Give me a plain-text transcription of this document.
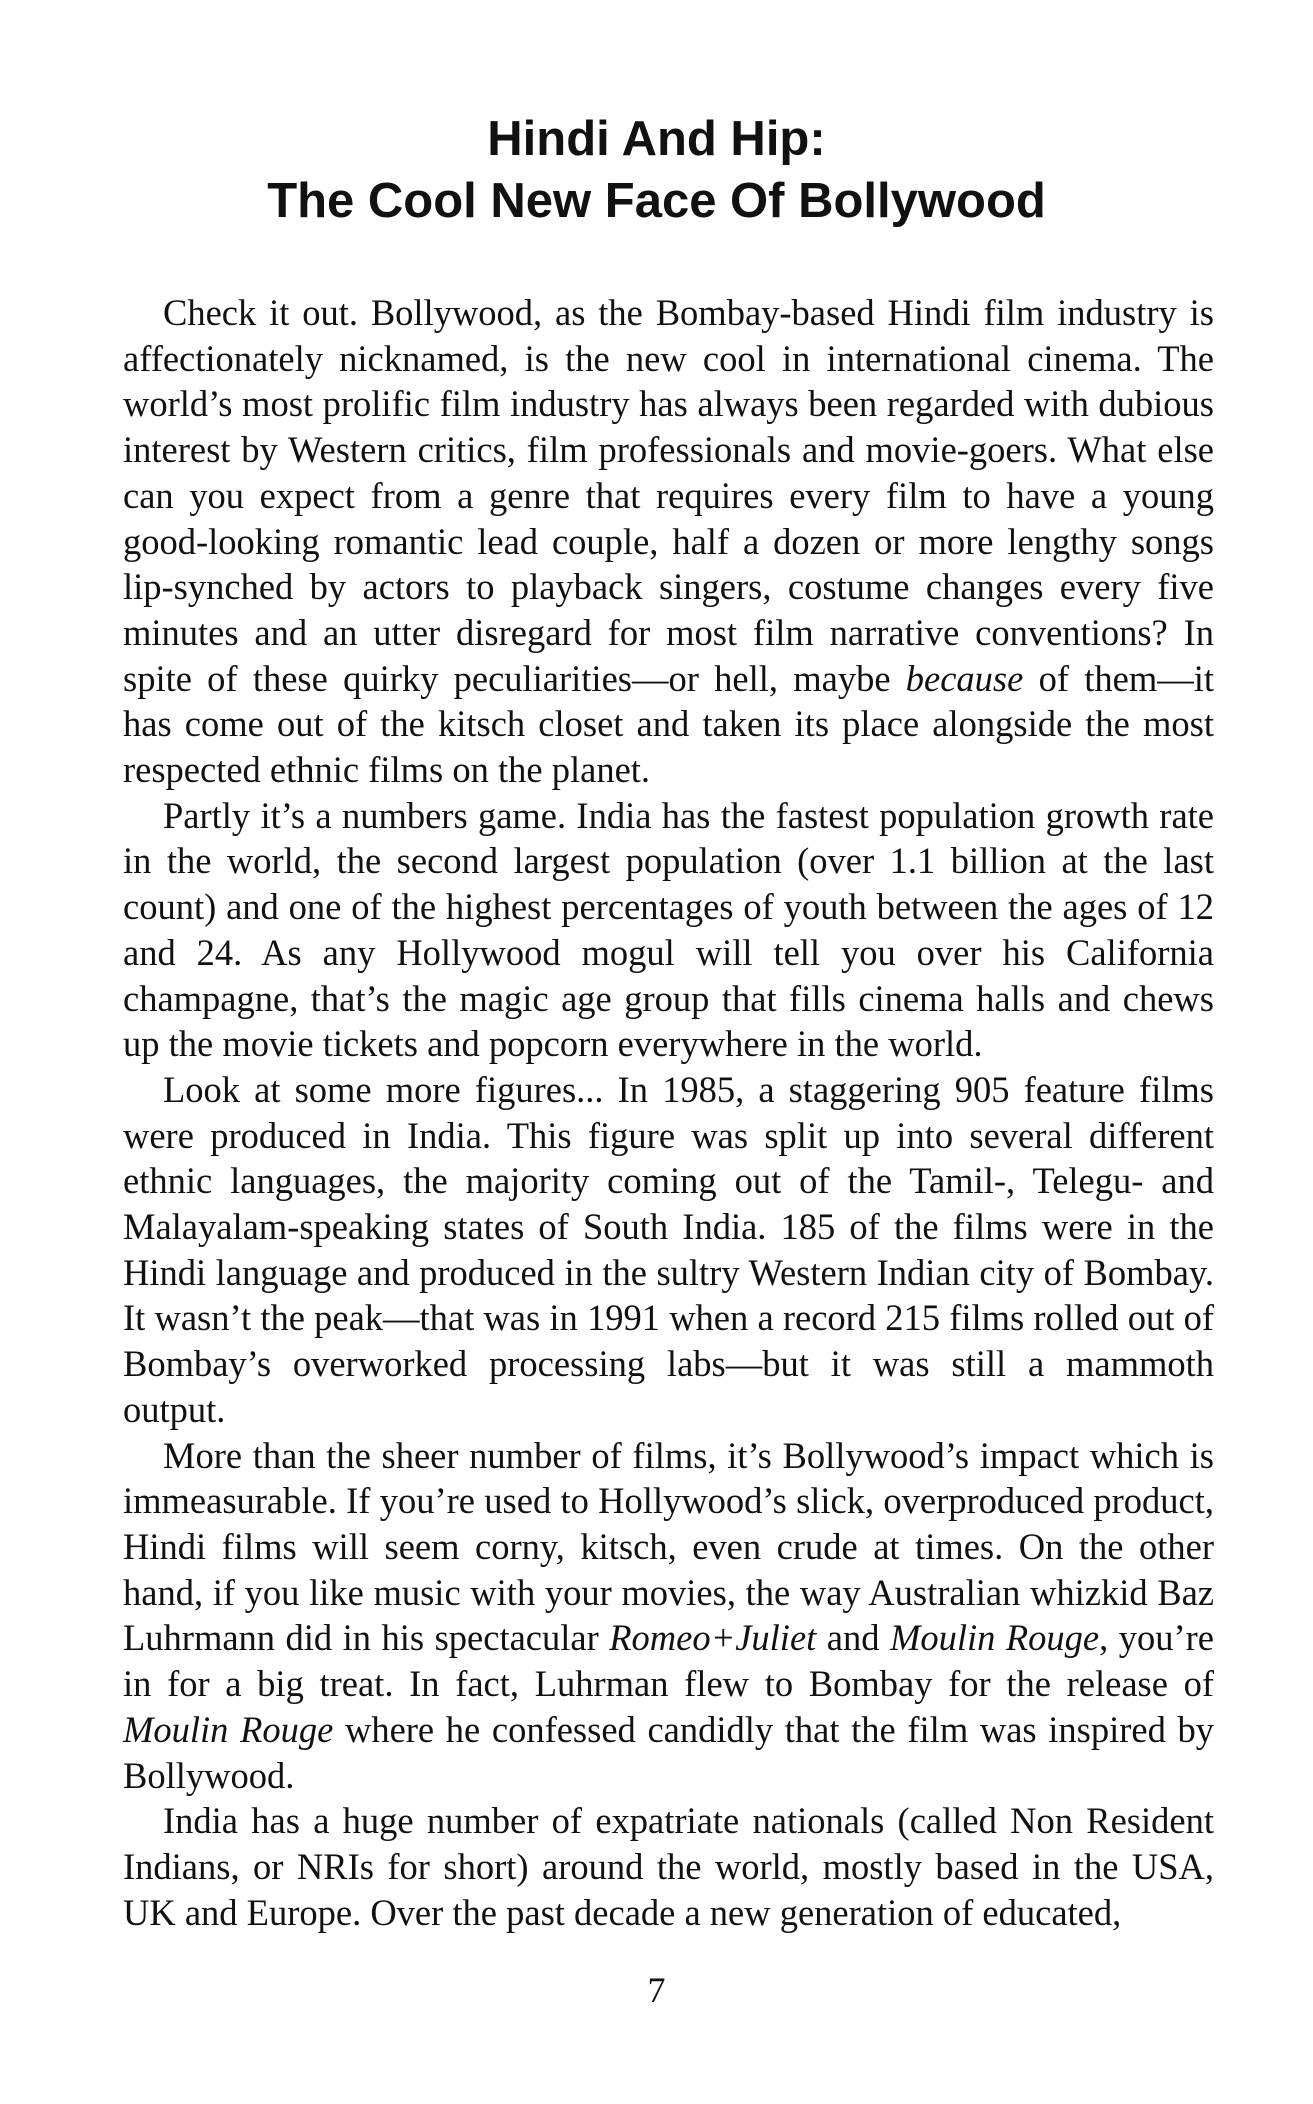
Hindi And Hip:
The Cool New Face Of Bollywood

Check it out. Bollywood, as the Bombay-based Hindi film industry is affectionately nicknamed, is the new cool in international cinema. The world’s most prolific film industry has always been regarded with dubious interest by Western critics, film professionals and movie-goers. What else can you expect from a genre that requires every film to have a young good-looking romantic lead couple, half a dozen or more lengthy songs lip-synched by actors to playback singers, costume changes every five minutes and an utter disregard for most film narrative conventions? In spite of these quirky peculiarities—or hell, maybe because of them—it has come out of the kitsch closet and taken its place alongside the most respected ethnic films on the planet.

Partly it’s a numbers game. India has the fastest population growth rate in the world, the second largest population (over 1.1 billion at the last count) and one of the highest percentages of youth between the ages of 12 and 24. As any Hollywood mogul will tell you over his California champagne, that’s the magic age group that fills cinema halls and chews up the movie tickets and popcorn everywhere in the world.

Look at some more figures... In 1985, a staggering 905 feature films were produced in India. This figure was split up into several different ethnic languages, the majority coming out of the Tamil-, Telegu- and Malayalam-speaking states of South India. 185 of the films were in the Hindi language and produced in the sultry Western Indian city of Bombay. It wasn’t the peak—that was in 1991 when a record 215 films rolled out of Bombay’s overworked processing labs—but it was still a mammoth output.

More than the sheer number of films, it’s Bollywood’s impact which is immeasurable. If you’re used to Hollywood’s slick, overproduced product, Hindi films will seem corny, kitsch, even crude at times. On the other hand, if you like music with your movies, the way Australian whizkid Baz Luhrmann did in his spectacular Romeo+Juliet and Moulin Rouge, you’re in for a big treat. In fact, Luhrman flew to Bombay for the release of Moulin Rouge where he confessed candidly that the film was inspired by Bollywood.

India has a huge number of expatriate nationals (called Non Resident Indians, or NRIs for short) around the world, mostly based in the USA, UK and Europe. Over the past decade a new generation of educated,

7
